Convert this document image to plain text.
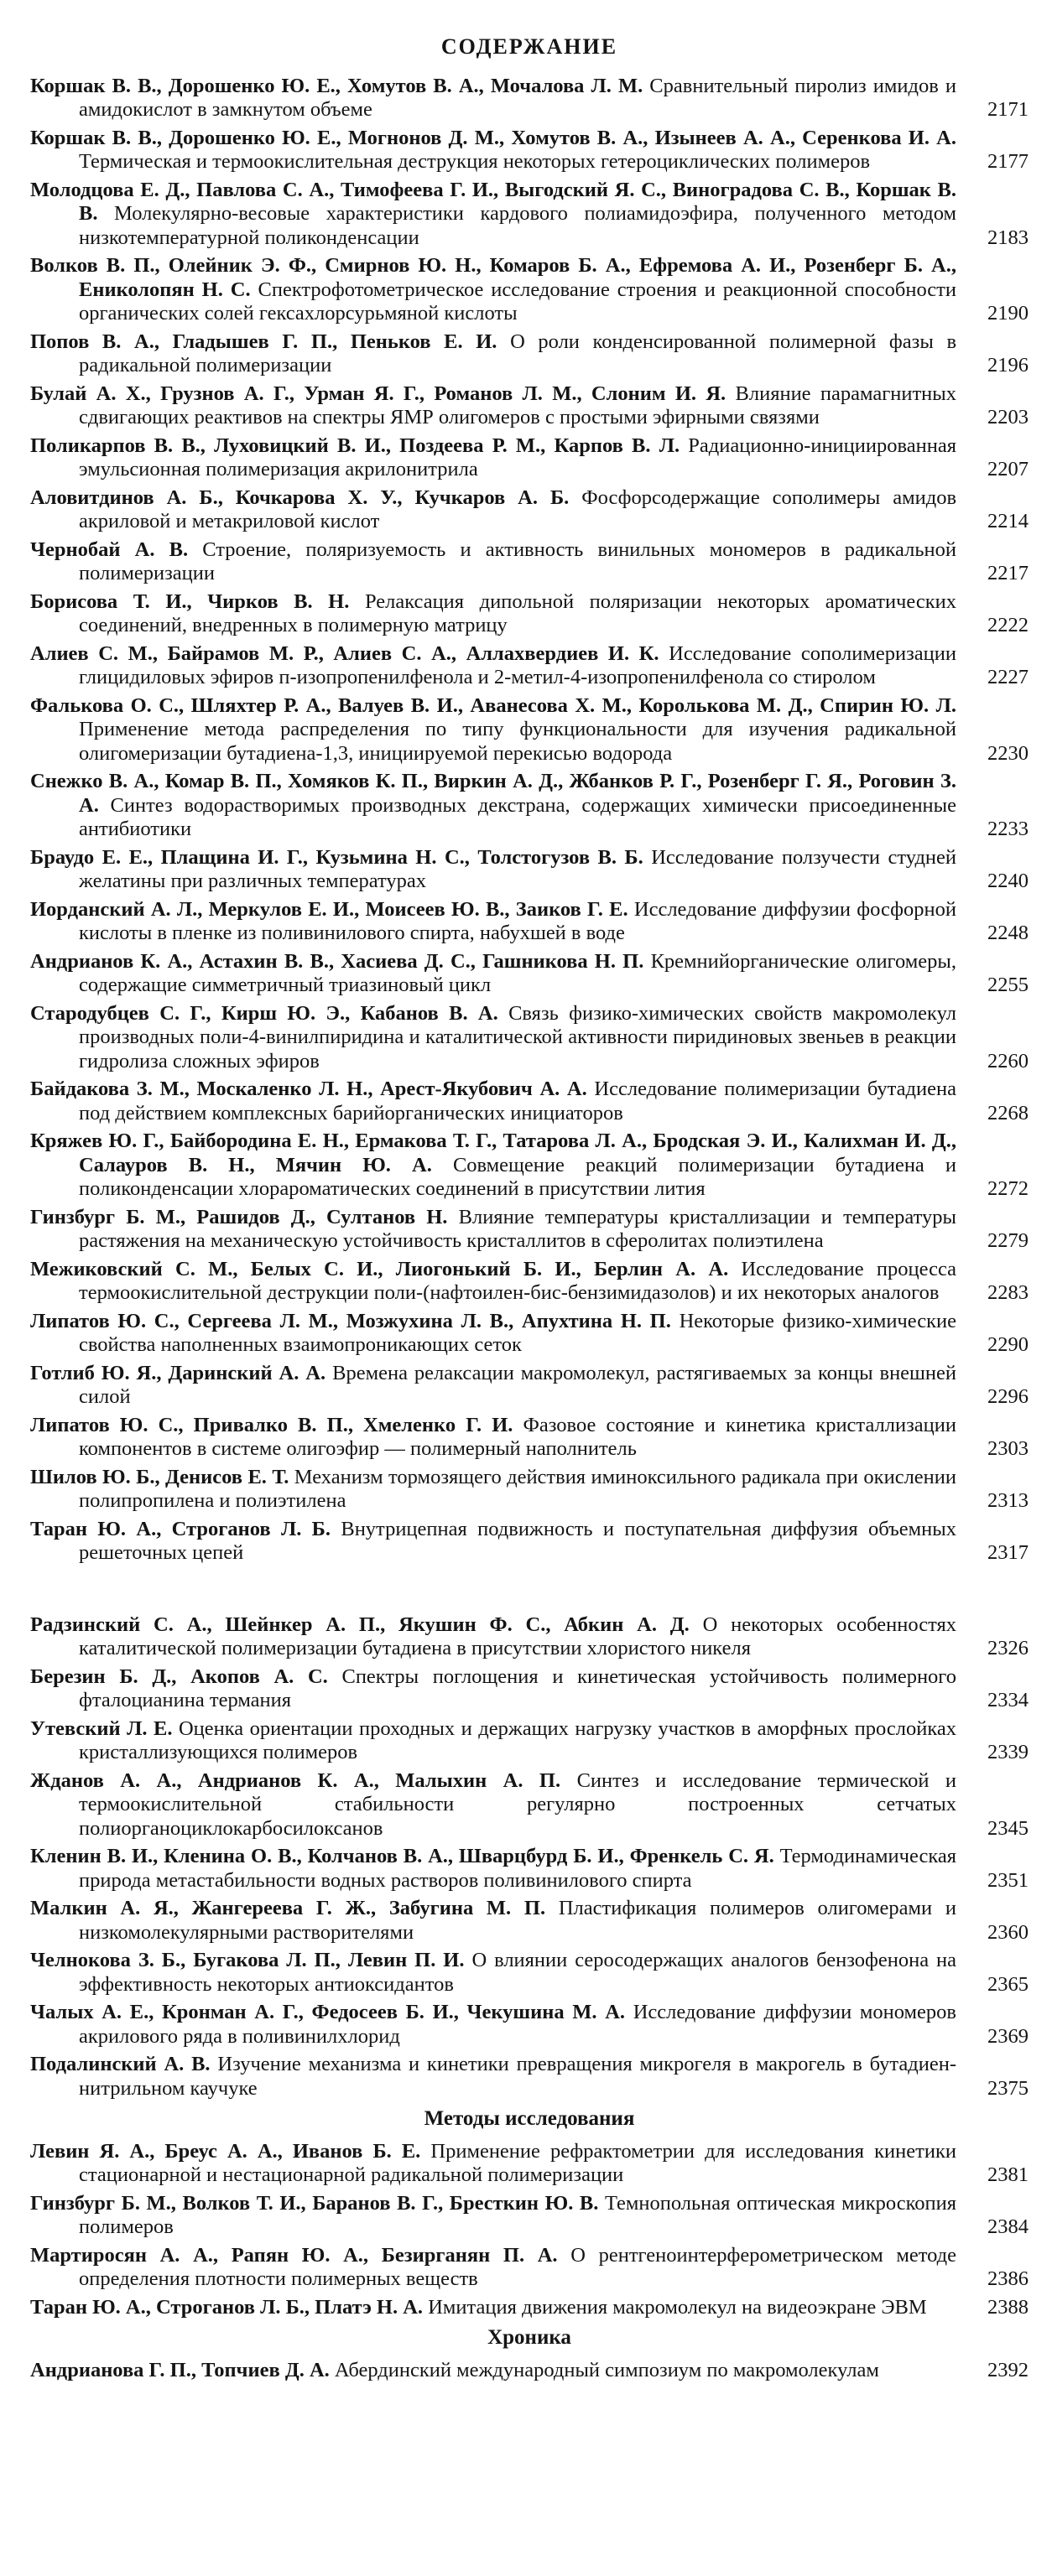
СОДЕРЖАНИЕ
Коршак В. В., Дорошенко Ю. Е., Хомутов В. А., Мочалова Л. М. Сравнительный пиролиз имидов и амидокислот в замкнутом объеме	2171
Коршак В. В., Дорошенко Ю. Е., Могнонов Д. М., Хомутов В. А., Изынеев А. А., Серенкова И. А. Термическая и термоокислительная деструкция некоторых гетероциклических полимеров	2177
Молодцова Е. Д., Павлова С. А., Тимофеева Г. И., Выгодский Я. С., Виноградова С. В., Коршак В. В. Молекулярно-весовые характеристики кардового полиамидоэфира, полученного методом низкотемпературной поликонденсации	2183
Волков В. П., Олейник Э. Ф., Смирнов Ю. Н., Комаров Б. А., Ефремова А. И., Розенберг Б. А., Ениколопян Н. С. Спектрофотометрическое исследование строения и реакционной способности органических солей гексахлорсурьмяной кислоты	2190
Попов В. А., Гладышев Г. П., Пеньков Е. И. О роли конденсированной полимерной фазы в радикальной полимеризации	2196
Булай А. Х., Грузнов А. Г., Урман Я. Г., Романов Л. М., Слоним И. Я. Влияние парамагнитных сдвигающих реактивов на спектры ЯМР олигомеров с простыми эфирными связями	2203
Поликарпов В. В., Луховицкий В. И., Поздеева Р. М., Карпов В. Л. Радиационно-инициированная эмульсионная полимеризация акрилонитрила	2207
Аловитдинов А. Б., Кочкарова Х. У., Кучкаров А. Б. Фосфорсодержащие сополимеры амидов акриловой и метакриловой кислот	2214
Чернобай А. В. Строение, поляризуемость и активность винильных мономеров в радикальной полимеризации	2217
Борисова Т. И., Чирков В. Н. Релаксация дипольной поляризации некоторых ароматических соединений, внедренных в полимерную матрицу	2222
Алиев С. М., Байрамов М. Р., Алиев С. А., Аллахвердиев И. К. Исследование сополимеризации глицидиловых эфиров п-изопропенилфенола и 2-метил-4-изопропенилфенола со стиролом	2227
Фалькова О. С., Шляхтер Р. А., Валуев В. И., Аванесова Х. М., Королькова М. Д., Спирин Ю. Л. Применение метода распределения по типу функциональности для изучения радикальной олигомеризации бутадиена-1,3, инициируемой перекисью водорода	2230
Снежко В. А., Комар В. П., Хомяков К. П., Виркин А. Д., Жбанков Р. Г., Розенберг Г. Я., Роговин З. А. Синтез водорастворимых производных декстрана, содержащих химически присоединенные антибиотики	2233
Браудо Е. Е., Плащина И. Г., Кузьмина Н. С., Толстогузов В. Б. Исследование ползучести студней желатины при различных температурах	2240
Иорданский А. Л., Меркулов Е. И., Моисеев Ю. В., Заиков Г. Е. Исследование диффузии фосфорной кислоты в пленке из поливинилового спирта, набухшей в воде	2248
Андрианов К. А., Астахин В. В., Хасиева Д. С., Гашникова Н. П. Кремнийорганические олигомеры, содержащие симметричный триазиновый цикл	2255
Стародубцев С. Г., Кирш Ю. Э., Кабанов В. А. Связь физико-химических свойств макромолекул производных поли-4-винилпиридина и каталитической активности пиридиновых звеньев в реакции гидролиза сложных эфиров	2260
Байдакова З. М., Москаленко Л. Н., Арест-Якубович А. А. Исследование полимеризации бутадиена под действием комплексных барийорганических инициаторов	2268
Кряжев Ю. Г., Байбородина Е. Н., Ермакова Т. Г., Татарова Л. А., Бродская Э. И., Калихман И. Д., Салауров В. Н., Мячин Ю. А. Совмещение реакций полимеризации бутадиена и поликонденсации хлорароматических соединений в присутствии лития	2272
Гинзбург Б. М., Рашидов Д., Султанов Н. Влияние температуры кристаллизации и температуры растяжения на механическую устойчивость кристаллитов в сферолитах полиэтилена	2279
Межиковский С. М., Белых С. И., Лиогонький Б. И., Берлин А. А. Исследование процесса термоокислительной деструкции поли-(нафтоилен-бис-бензимидазолов) и их некоторых аналогов	2283
Липатов Ю. С., Сергеева Л. М., Мозжухина Л. В., Апухтина Н. П. Некоторые физико-химические свойства наполненных взаимопроникающих сеток	2290
Готлиб Ю. Я., Даринский А. А. Времена релаксации макромолекул, растягиваемых за концы внешней силой	2296
Липатов Ю. С., Привалко В. П., Хмеленко Г. И. Фазовое состояние и кинетика кристаллизации компонентов в системе олигоэфир — полимерный наполнитель	2303
Шилов Ю. Б., Денисов Е. Т. Механизм тормозящего действия иминоксильного радикала при окислении полипропилена и полиэтилена	2313
Таран Ю. А., Строганов Л. Б. Внутрицепная подвижность и поступательная диффузия объемных решеточных цепей	2317
Радзинский С. А., Шейнкер А. П., Якушин Ф. С., Абкин А. Д. О некоторых особенностях каталитической полимеризации бутадиена в присутствии хлористого никеля	2326
Березин Б. Д., Акопов А. С. Спектры поглощения и кинетическая устойчивость полимерного фталоцианина термания	2334
Утевский Л. Е. Оценка ориентации проходных и держащих нагрузку участков в аморфных прослойках кристаллизующихся полимеров	2339
Жданов А. А., Андрианов К. А., Малыхин А. П. Синтез и исследование термической и термоокислительной стабильности регулярно построенных сетчатых полиорганоциклокарбосилоксанов	2345
Кленин В. И., Кленина О. В., Колчанов В. А., Шварцбурд Б. И., Френкель С. Я. Термодинамическая природа метастабильности водных растворов поливинилового спирта	2351
Малкин А. Я., Жангереева Г. Ж., Забугина М. П. Пластификация полимеров олигомерами и низкомолекулярными растворителями	2360
Челнокова З. Б., Бугакова Л. П., Левин П. И. О влиянии серосодержащих аналогов бензофенона на эффективность некоторых антиоксидантов	2365
Чалых А. Е., Кронман А. Г., Федосеев Б. И., Чекушина М. А. Исследование диффузии мономеров акрилового ряда в поливинилхлорид	2369
Подалинский А. В. Изучение механизма и кинетики превращения микрогеля в макрогель в бутадиен-нитрильном каучуке	2375
Методы исследования
Левин Я. А., Бреус А. А., Иванов Б. Е. Применение рефрактометрии для исследования кинетики стационарной и нестационарной радикальной полимеризации	2381
Гинзбург Б. М., Волков Т. И., Баранов В. Г., Бресткин Ю. В. Темнопольная оптическая микроскопия полимеров	2384
Мартиросян А. А., Рапян Ю. А., Безирганян П. А. О рентгеноинтерферометрическом методе определения плотности полимерных веществ	2386
Таран Ю. А., Строганов Л. Б., Платэ Н. А. Имитация движения макромолекул на видеоэкране ЭВМ	2388
Хроника
Андрианова Г. П., Топчиев Д. А. Абердинский международный симпозиум по макромолекулам	2392
